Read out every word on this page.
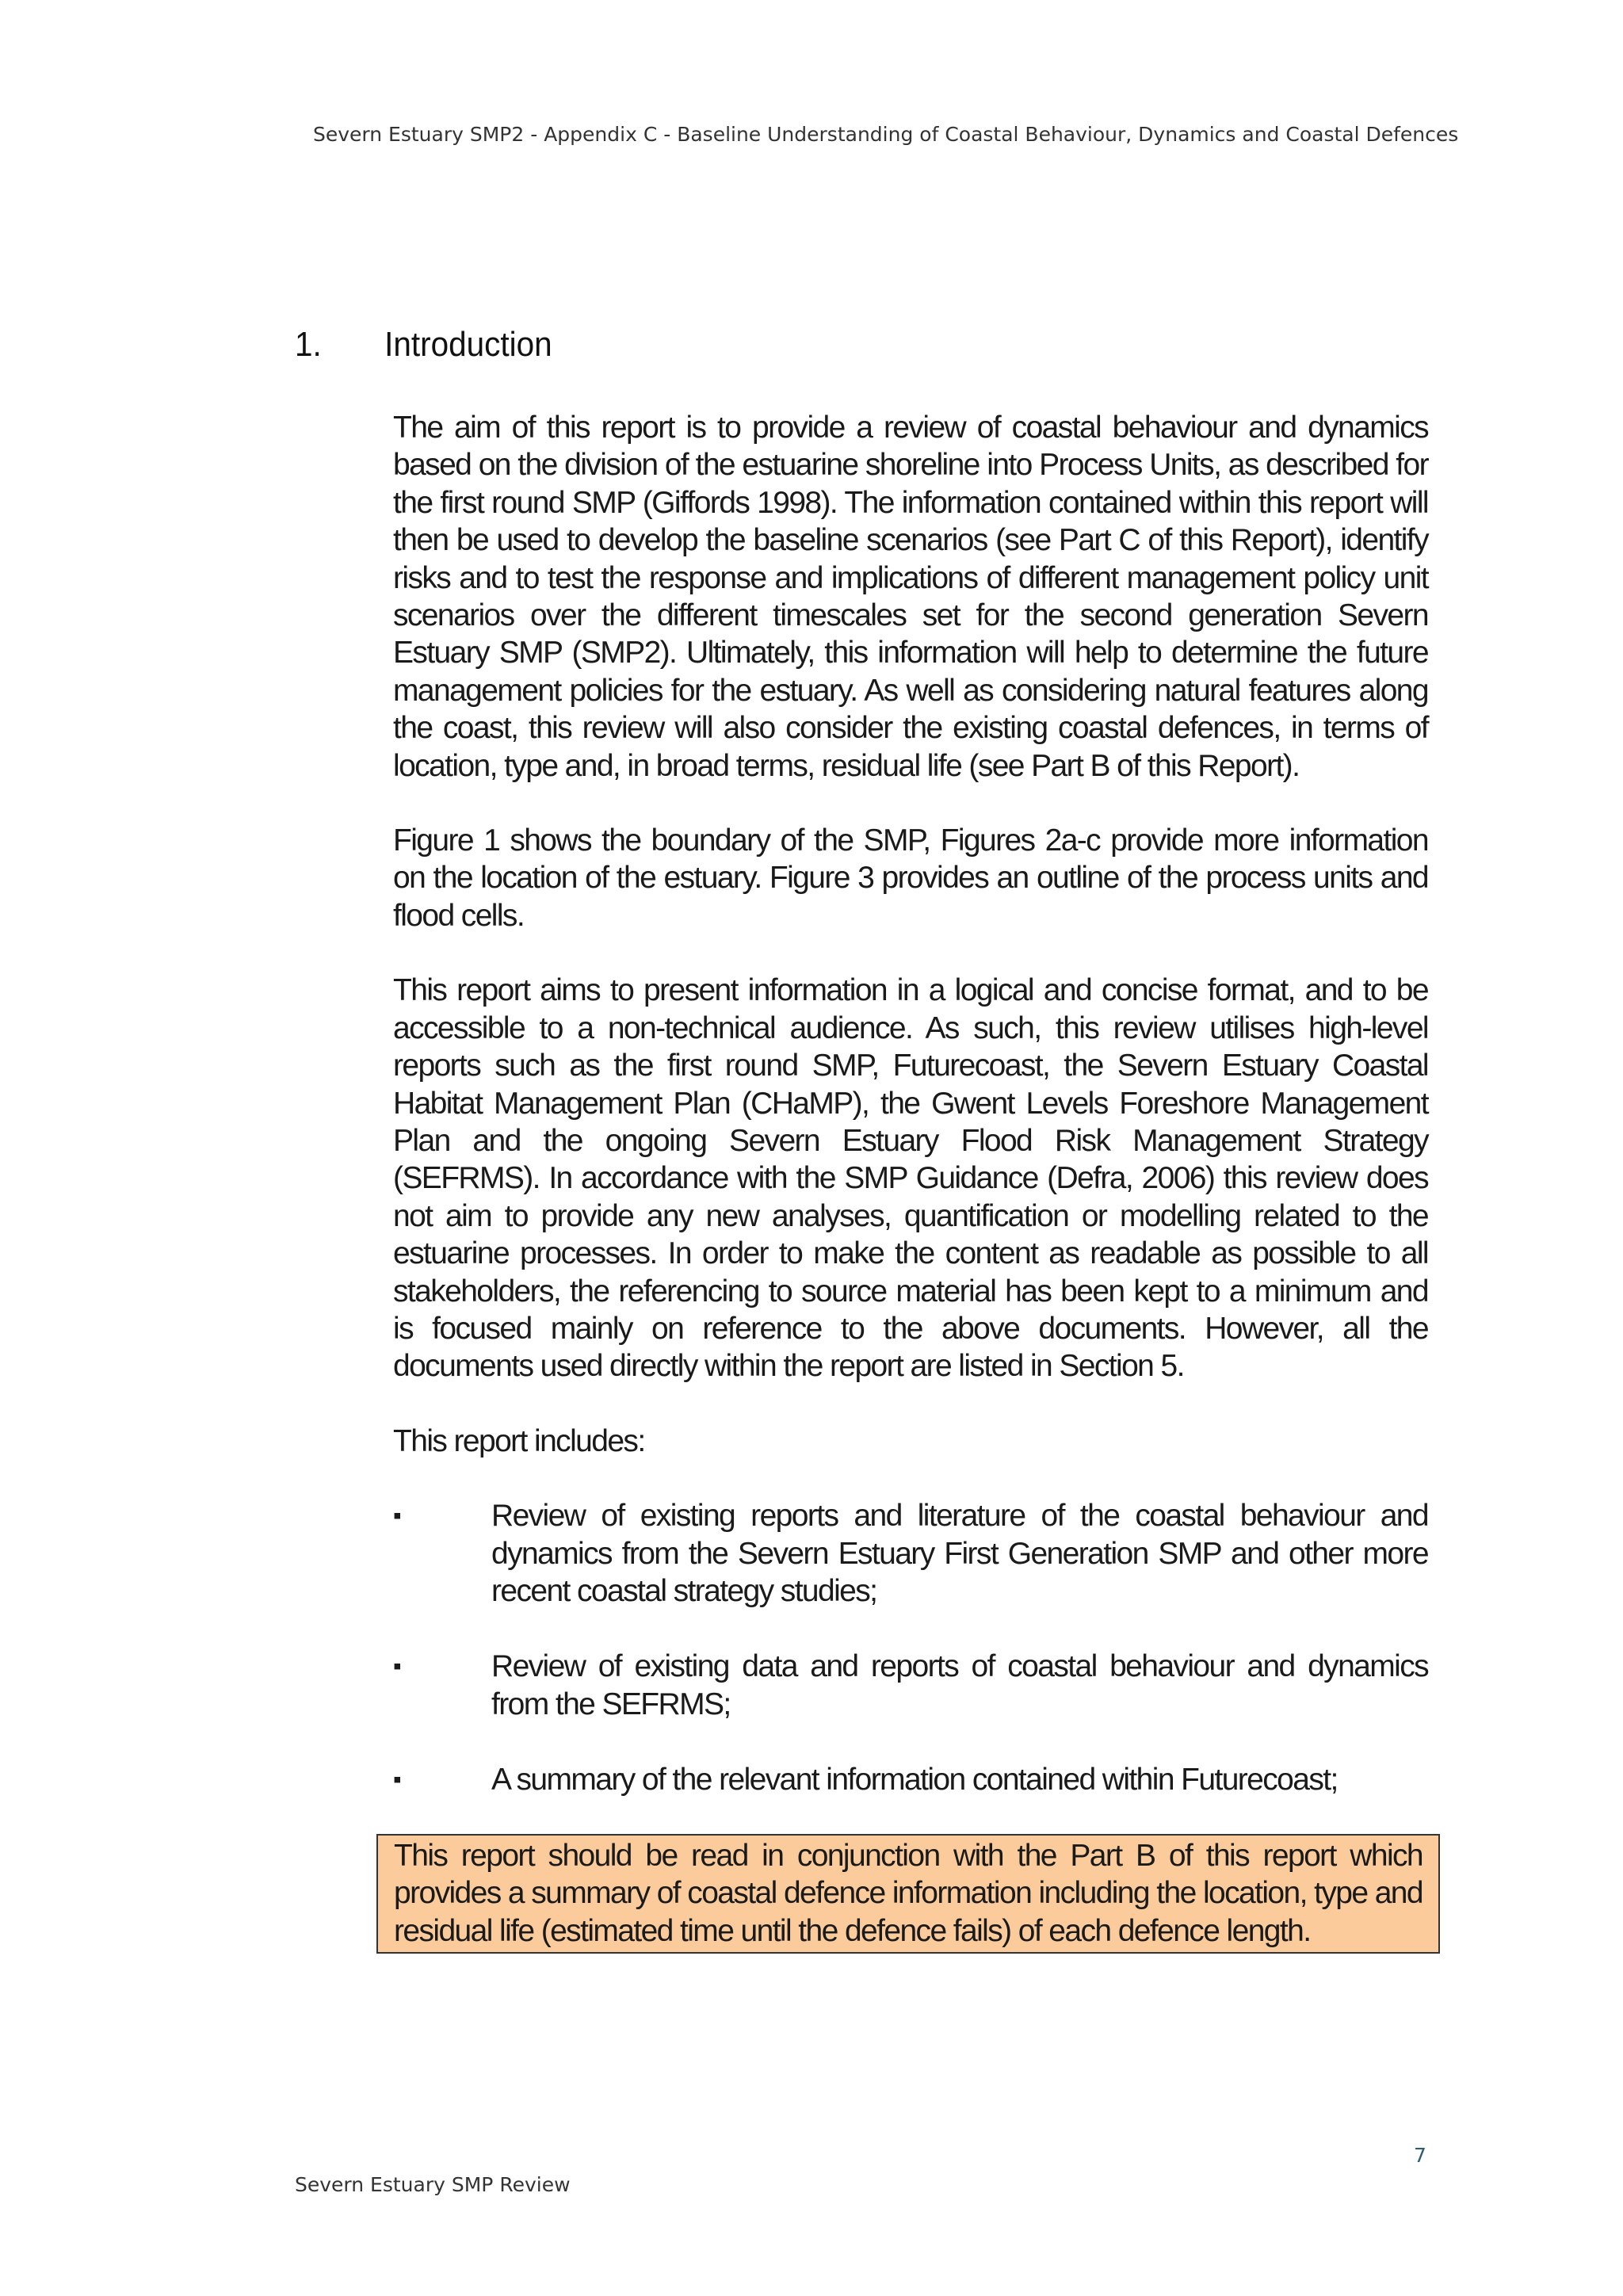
Severn Estuary SMP2 - Appendix C - Baseline Understanding of Coastal Behaviour, Dynamics and Coastal Defences
1.	Introduction

The aim of this report is to provide a review of coastal behaviour and dynamics based on the division of the estuarine shoreline into Process Units, as described for the first round SMP (Giffords 1998). The information contained within this report will then be used to develop the baseline scenarios (see Part C of this Report), identify risks and to test the response and implications of different management policy unit scenarios over the different timescales set for the second generation Severn Estuary SMP (SMP2). Ultimately, this information will help to determine the future management policies for the estuary. As well as considering natural features along the coast, this review will also consider the existing coastal defences, in terms of location, type and, in broad terms, residual life (see Part B of this Report).

Figure 1 shows the boundary of the SMP, Figures 2a-c provide more information on the location of the estuary. Figure 3 provides an outline of the process units and flood cells.

This report aims to present information in a logical and concise format, and to be accessible to a non-technical audience. As such, this review utilises high-level reports such as the first round SMP, Futurecoast, the Severn Estuary Coastal Habitat Management Plan (CHaMP), the Gwent Levels Foreshore Management Plan and the ongoing Severn Estuary Flood Risk Management Strategy (SEFRMS). In accordance with the SMP Guidance (Defra, 2006) this review does not aim to provide any new analyses, quantification or modelling related to the estuarine processes. In order to make the content as readable as possible to all stakeholders, the referencing to source material has been kept to a minimum and is focused mainly on reference to the above documents. However, all the documents used directly within the report are listed in Section 5.

This report includes:

▪	Review of existing reports and literature of the coastal behaviour and dynamics from the Severn Estuary First Generation SMP and other more recent coastal strategy studies;
▪	Review of existing data and reports of coastal behaviour and dynamics from the SEFRMS;
▪	A summary of the relevant information contained within Futurecoast;
This report should be read in conjunction with the Part B of this report which provides a summary of coastal defence information including the location, type and residual life (estimated time until the defence fails) of each defence length.
7
Severn Estuary SMP Review
